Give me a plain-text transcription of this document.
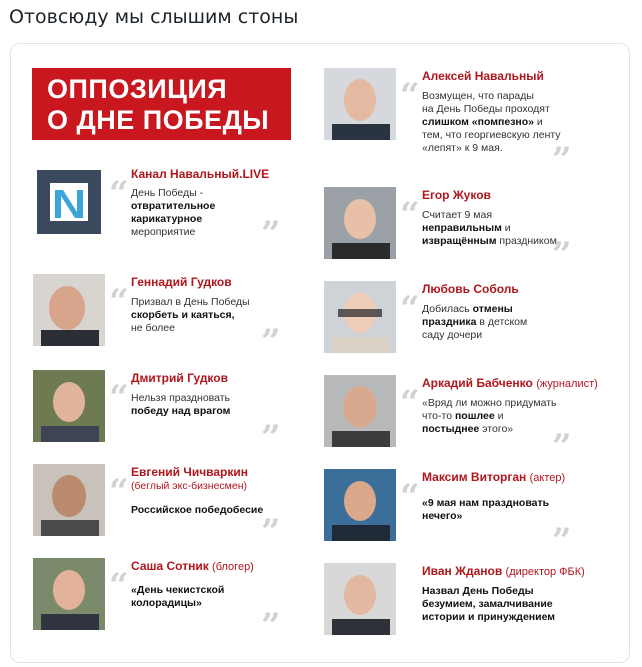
Отовсюду мы слышим стоны
ОППОЗИЦИЯ
О ДНЕ ПОБЕДЫ
“ Канал Навальный.LIVE
День Победы -
отвратительное
карикатурное
мероприятие	”
“ Геннадий Гудков
Призвал в День Победы
скорбеть и каяться,
не более	”
“ Дмитрий Гудков
Нельзя праздновать
победу над врагом
”
“ Евгений Чичваркин
(беглый экс-бизнесмен)
Российское победобесие
”
“ Саша Сотник (блогер)
«День чекистской
колорадицы»
”
“ Алексей Навальный
Возмущен, что парады
на День Победы проходят
слишком «помпезно» и
тем, что георгиевскую ленту
«лепят» к 9 мая.	”
“ Егор Жуков
Считает 9 мая
неправильным и
извращённым праздником
”
“ Любовь Соболь
Добилась отмены
праздника в детском
саду дочери
“ Аркадий Бабченко (журналист)
«Вряд ли можно придумать
что-то пошлее и
постыднее этого»	”
“ Максим Виторган (актер)
«9 мая нам праздновать
нечего»
”
Иван Жданов (директор ФБК)
Назвал День Победы
безумием, замалчивание
истории и принуждением
